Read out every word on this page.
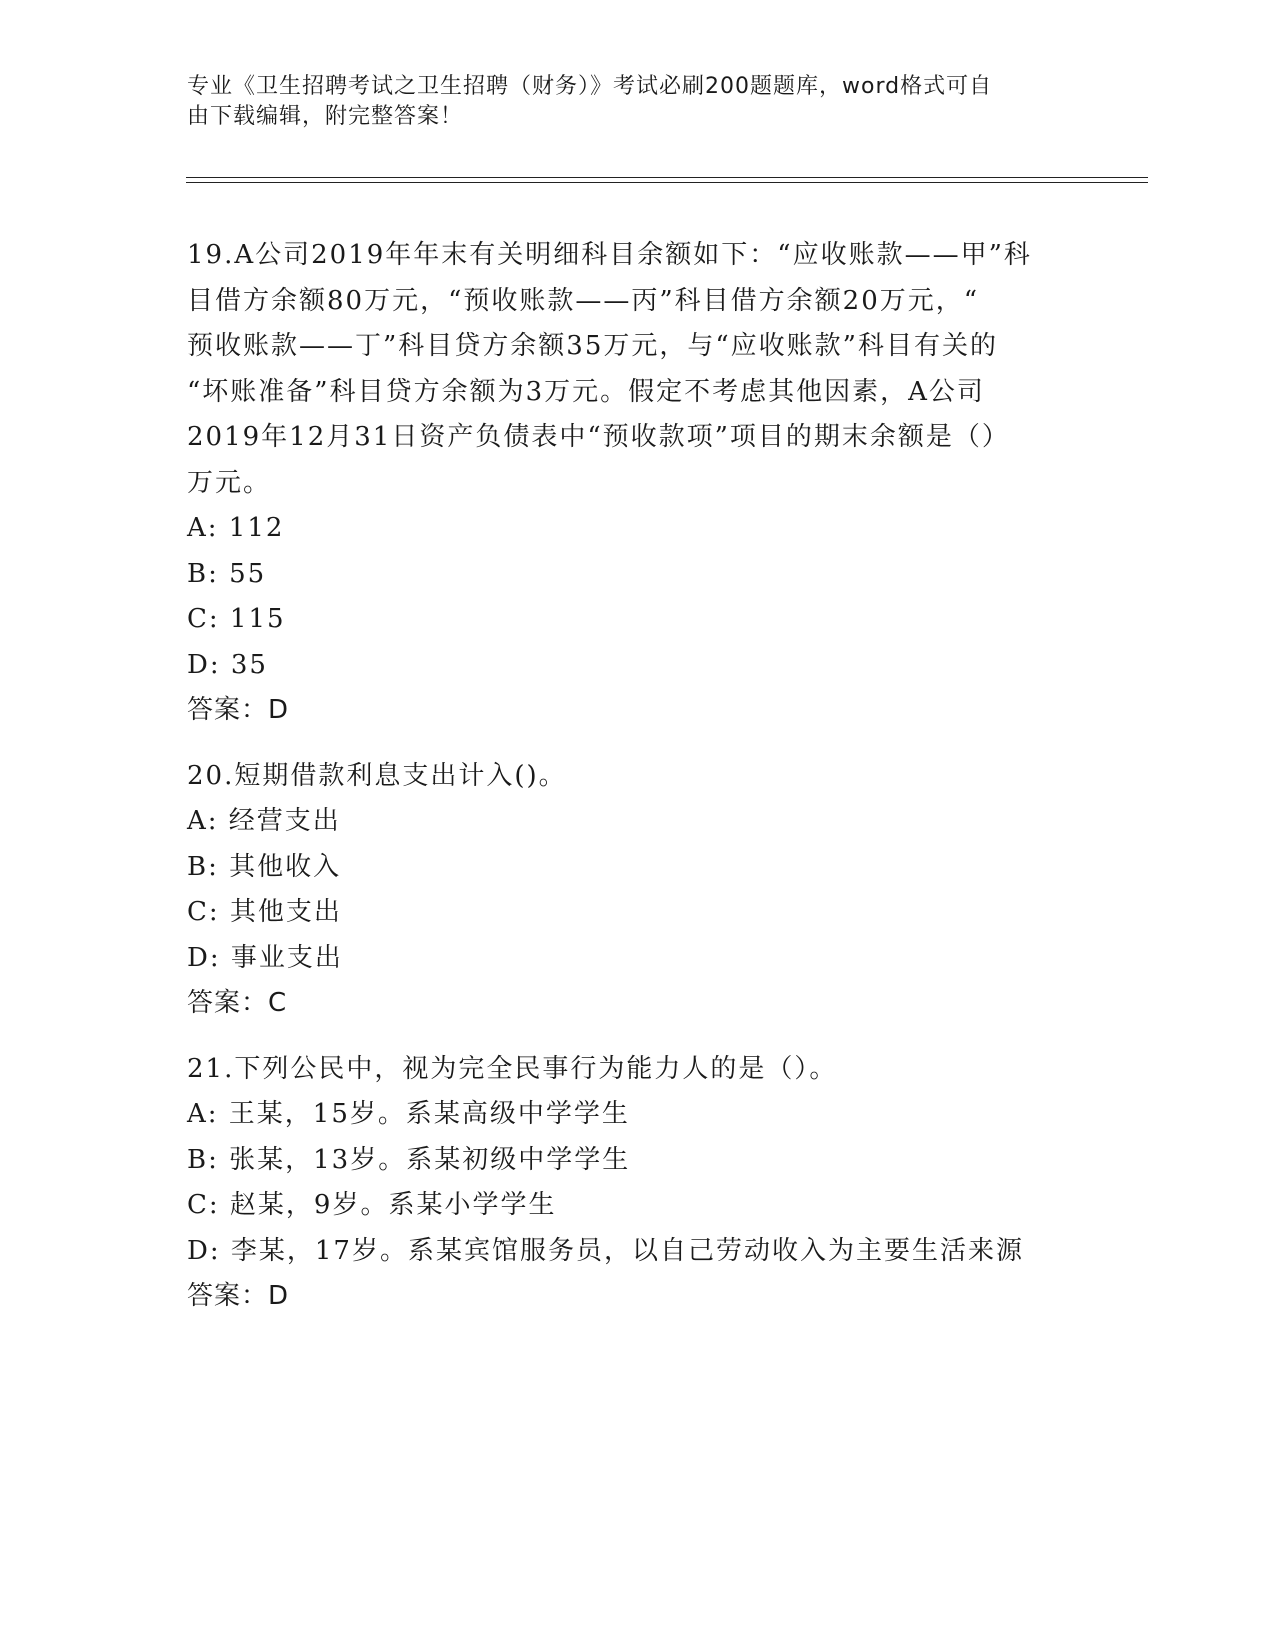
专业《卫生招聘考试之卫生招聘（财务）》考试必刷200题题库，word格式可自
由下载编辑，附完整答案！
19.A公司2019年年末有关明细科目余额如下：“应收账款——甲”科
目借方余额80万元，“预收账款——丙”科目借方余额20万元，“
预收账款——丁”科目贷方余额35万元，与“应收账款”科目有关的
“坏账准备”科目贷方余额为3万元。假定不考虑其他因素，A公司
2019年12月31日资产负债表中“预收款项”项目的期末余额是（）
万元。
A: 112
B: 55
C: 115
D: 35
答案：D
20.短期借款利息支出计入()。
A: 经营支出
B: 其他收入
C: 其他支出
D: 事业支出
答案：C
21.下列公民中，视为完全民事行为能力人的是（）。
A: 王某，15岁。系某高级中学学生
B: 张某，13岁。系某初级中学学生
C: 赵某，9岁。系某小学学生
D: 李某，17岁。系某宾馆服务员，以自己劳动收入为主要生活来源
答案：D
